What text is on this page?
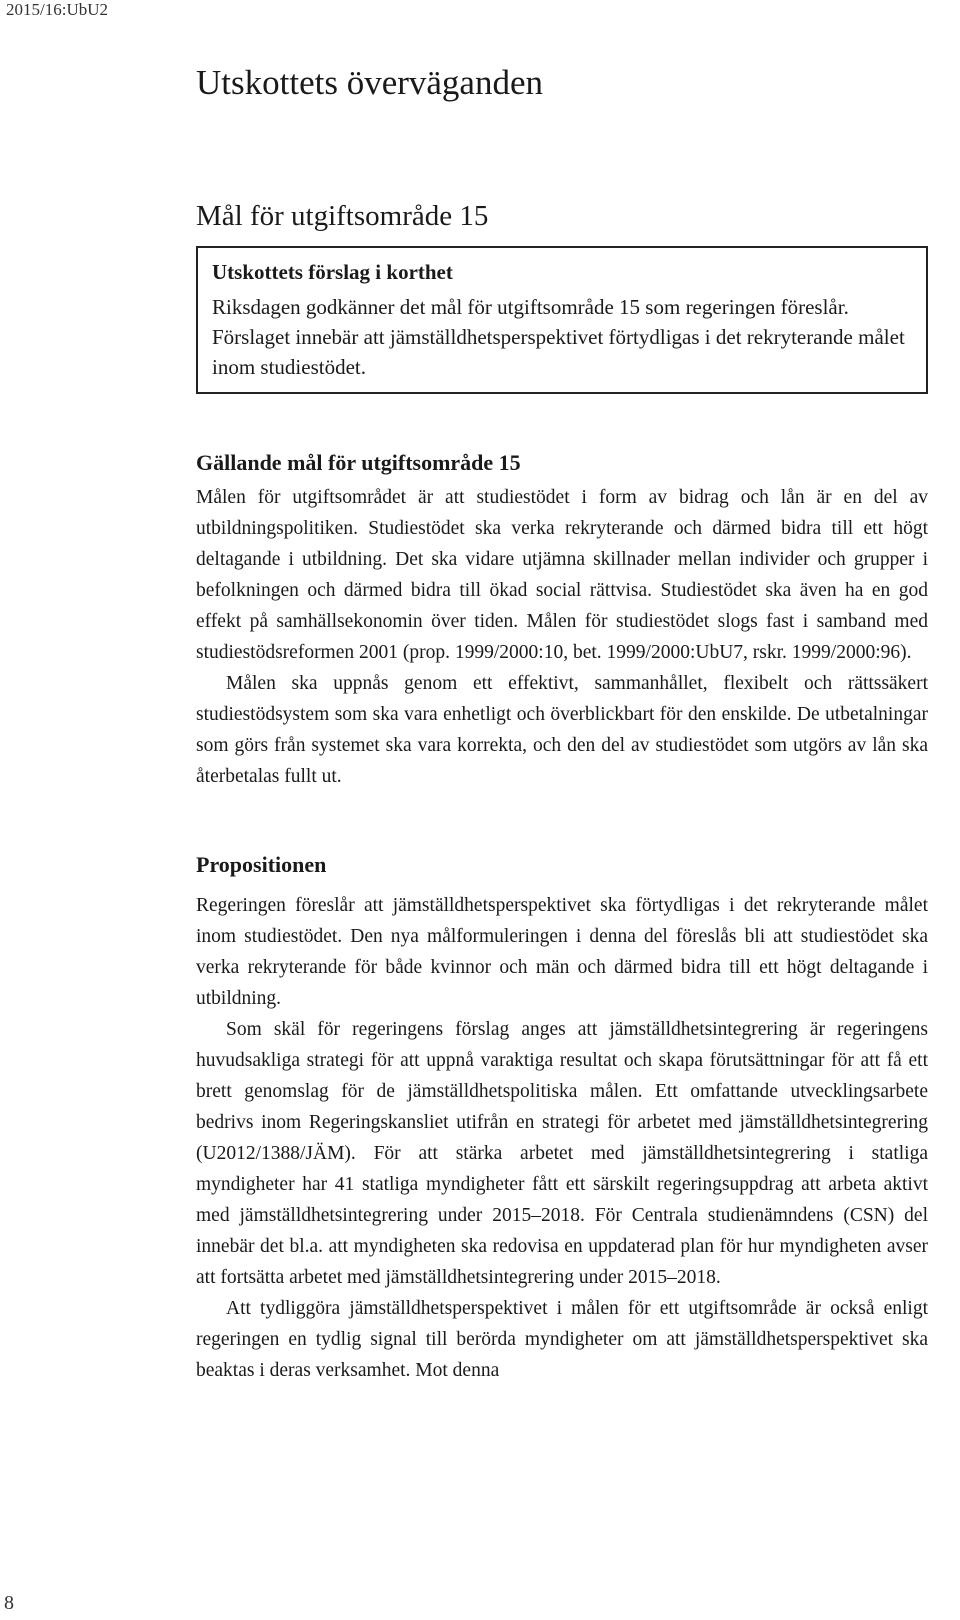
2015/16:UbU2
Utskottets överväganden
Mål för utgiftsområde 15
Utskottets förslag i korthet

Riksdagen godkänner det mål för utgiftsområde 15 som regeringen föreslår. Förslaget innebär att jämställdhetsperspektivet förtydligas i det rekryterande målet inom studiestödet.

Gällande mål för utgiftsområde 15

Målen för utgiftsområdet är att studiestödet i form av bidrag och lån är en del av utbildningspolitiken. Studiestödet ska verka rekryterande och därmed bidra till ett högt deltagande i utbildning. Det ska vidare utjämna skillnader mellan individer och grupper i befolkningen och därmed bidra till ökad social rättvisa. Studiestödet ska även ha en god effekt på samhällsekonomin över tiden. Målen för studiestödet slogs fast i samband med studiestödsreformen 2001 (prop. 1999/2000:10, bet. 1999/2000:UbU7, rskr. 1999/2000:96).

Målen ska uppnås genom ett effektivt, sammanhållet, flexibelt och rättssäkert studiestödsystem som ska vara enhetligt och överblickbart för den enskilde. De utbetalningar som görs från systemet ska vara korrekta, och den del av studiestödet som utgörs av lån ska återbetalas fullt ut.

Propositionen

Regeringen föreslår att jämställdhetsperspektivet ska förtydligas i det rekryterande målet inom studiestödet. Den nya målformuleringen i denna del föreslås bli att studiestödet ska verka rekryterande för både kvinnor och män och därmed bidra till ett högt deltagande i utbildning.

Som skäl för regeringens förslag anges att jämställdhetsintegrering är regeringens huvudsakliga strategi för att uppnå varaktiga resultat och skapa förutsättningar för att få ett brett genomslag för de jämställdhetspolitiska målen. Ett omfattande utvecklingsarbete bedrivs inom Regeringskansliet utifrån en strategi för arbetet med jämställdhetsintegrering (U2012/1388/JÄM). För att stärka arbetet med jämställdhetsintegrering i statliga myndigheter har 41 statliga myndigheter fått ett särskilt regeringsuppdrag att arbeta aktivt med jämställdhetsintegrering under 2015–2018. För Centrala studienämndens (CSN) del innebär det bl.a. att myndigheten ska redovisa en uppdaterad plan för hur myndigheten avser att fortsätta arbetet med jämställdhetsintegrering under 2015–2018.

Att tydliggöra jämställdhetsperspektivet i målen för ett utgiftsområde är också enligt regeringen en tydlig signal till berörda myndigheter om att jämställdhetsperspektivet ska beaktas i deras verksamhet. Mot denna

8
